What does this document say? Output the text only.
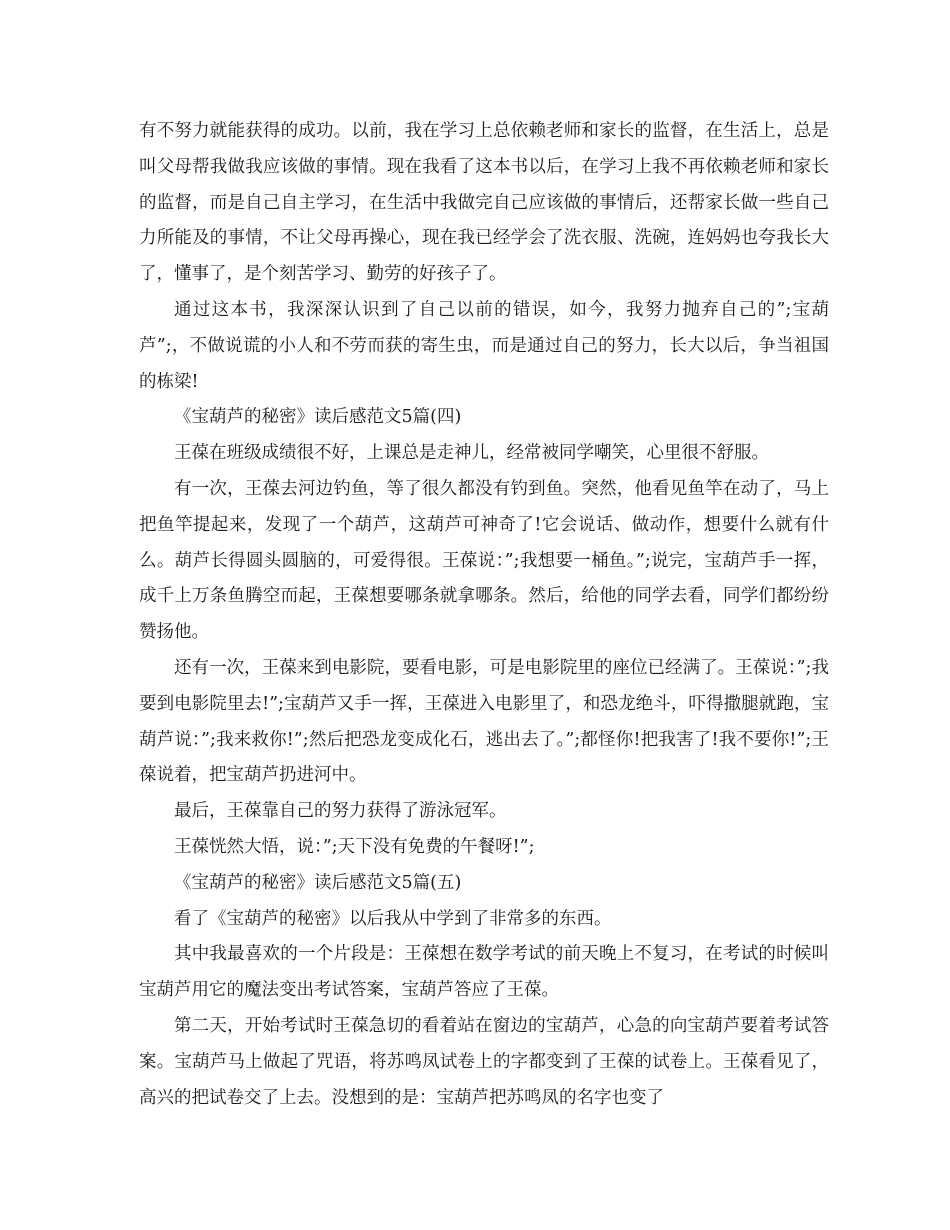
有不努力就能获得的成功。以前，我在学习上总依赖老师和家长的监督，在生活上，总是叫父母帮我做我应该做的事情。现在我看了这本书以后，在学习上我不再依赖老师和家长的监督，而是自己自主学习，在生活中我做完自己应该做的事情后，还帮家长做一些自己力所能及的事情，不让父母再操心，现在我已经学会了洗衣服、洗碗，连妈妈也夸我长大了，懂事了，是个刻苦学习、勤劳的好孩子了。

通过这本书，我深深认识到了自己以前的错误，如今，我努力抛弃自己的”;宝葫芦”;，不做说谎的小人和不劳而获的寄生虫，而是通过自己的努力，长大以后，争当祖国的栋梁!

《宝葫芦的秘密》读后感范文5篇(四)

王葆在班级成绩很不好，上课总是走神儿，经常被同学嘲笑，心里很不舒服。

有一次，王葆去河边钓鱼，等了很久都没有钓到鱼。突然，他看见鱼竿在动了，马上把鱼竿提起来，发现了一个葫芦，这葫芦可神奇了!它会说话、做动作，想要什么就有什么。葫芦长得圆头圆脑的，可爱得很。王葆说：”;我想要一桶鱼。”;说完，宝葫芦手一挥，成千上万条鱼腾空而起，王葆想要哪条就拿哪条。然后，给他的同学去看，同学们都纷纷赞扬他。

还有一次，王葆来到电影院，要看电影，可是电影院里的座位已经满了。王葆说：”;我要到电影院里去!”;宝葫芦又手一挥，王葆进入电影里了，和恐龙绝斗，吓得撒腿就跑，宝葫芦说：”;我来救你!”;然后把恐龙变成化石，逃出去了。”;都怪你!把我害了!我不要你!”;王葆说着，把宝葫芦扔进河中。

最后，王葆靠自己的努力获得了游泳冠军。

王葆恍然大悟，说：”;天下没有免费的午餐呀!”;

《宝葫芦的秘密》读后感范文5篇(五)

看了《宝葫芦的秘密》以后我从中学到了非常多的东西。

其中我最喜欢的一个片段是：王葆想在数学考试的前天晚上不复习，在考试的时候叫宝葫芦用它的魔法变出考试答案，宝葫芦答应了王葆。

第二天，开始考试时王葆急切的看着站在窗边的宝葫芦，心急的向宝葫芦要着考试答案。宝葫芦马上做起了咒语，将苏鸣凤试卷上的字都变到了王葆的试卷上。王葆看见了，高兴的把试卷交了上去。没想到的是：宝葫芦把苏鸣凤的名字也变了
